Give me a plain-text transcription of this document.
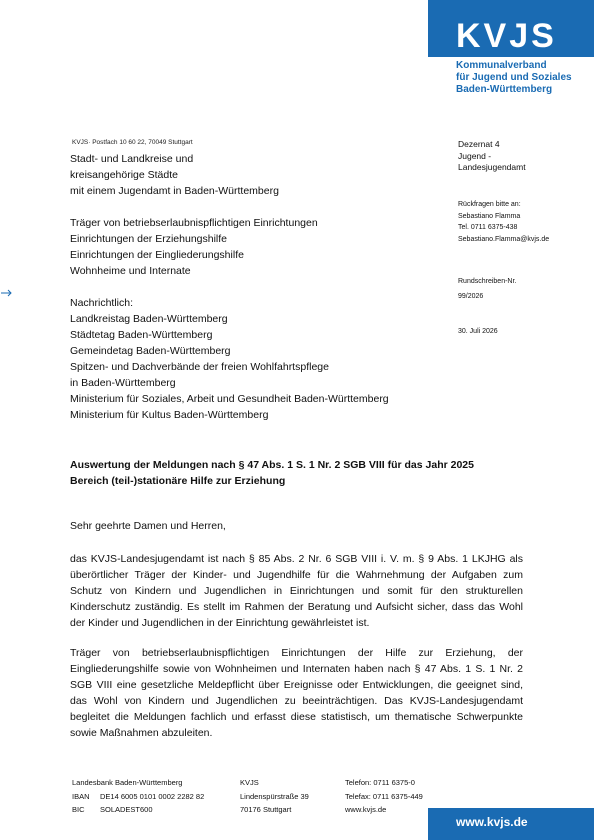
KVJS
Kommunalverband
für Jugend und Soziales
Baden-Württemberg
KVJS· Postfach 10 60 22, 70049 Stuttgart
Stadt- und Landkreise und
kreisangehörige Städte
mit einem Jugendamt in Baden-Württemberg
Träger von betriebserlaubnispflichtigen Einrichtungen
Einrichtungen der Erziehungshilfe
Einrichtungen der Eingliederungshilfe
Wohnheime und Internate
Nachrichtlich:
Landkreistag Baden-Württemberg
Städtetag Baden-Württemberg
Gemeindetag Baden-Württemberg
Spitzen- und Dachverbände der freien Wohlfahrtspflege
in Baden-Württemberg
Ministerium für Soziales, Arbeit und Gesundheit Baden-Württemberg
Ministerium für Kultus Baden-Württemberg
Dezernat 4
Jugend -
Landesjugendamt
Rückfragen bitte an:
Sebastiano Flamma
Tel. 0711 6375-438
Sebastiano.Flamma@kvjs.de
Rundschreiben-Nr.
99/2026
30. Juli 2026
Auswertung der Meldungen nach § 47 Abs. 1 S. 1 Nr. 2 SGB VIII für das Jahr 2025
Bereich (teil-)stationäre Hilfe zur Erziehung
Sehr geehrte Damen und Herren,
das KVJS-Landesjugendamt ist nach § 85 Abs. 2 Nr. 6 SGB VIII i. V. m. § 9 Abs. 1 LKJHG als
überörtlicher Träger der Kinder- und Jugendhilfe für die Wahrnehmung der Aufgaben zum
Schutz von Kindern und Jugendlichen in Einrichtungen und somit für den strukturellen
Kinderschutz zuständig. Es stellt im Rahmen der Beratung und Aufsicht sicher, dass das Wohl
der Kinder und Jugendlichen in der Einrichtung gewährleistet ist.
Träger von betriebserlaubnispflichtigen Einrichtungen der Hilfe zur Erziehung, der
Eingliederungshilfe sowie von Wohnheimen und Internaten haben nach § 47 Abs. 1 S. 1 Nr. 2
SGB VIII eine gesetzliche Meldepflicht über Ereignisse oder Entwicklungen, die geeignet sind,
das Wohl von Kindern und Jugendlichen zu beeinträchtigen. Das KVJS-Landesjugendamt
begleitet die Meldungen fachlich und erfasst diese statistisch, um thematische Schwerpunkte
sowie Maßnahmen abzuleiten.
Landesbank Baden-Württemberg
IBAN
BIC

DE14 6005 0101 0002 2282 82
SOLADEST600
KVJS
Lindenspürstraße 39
70176 Stuttgart
Telefon: 0711 6375-0
Telefax: 0711 6375-449
www.kvjs.de
www.kvjs.de
